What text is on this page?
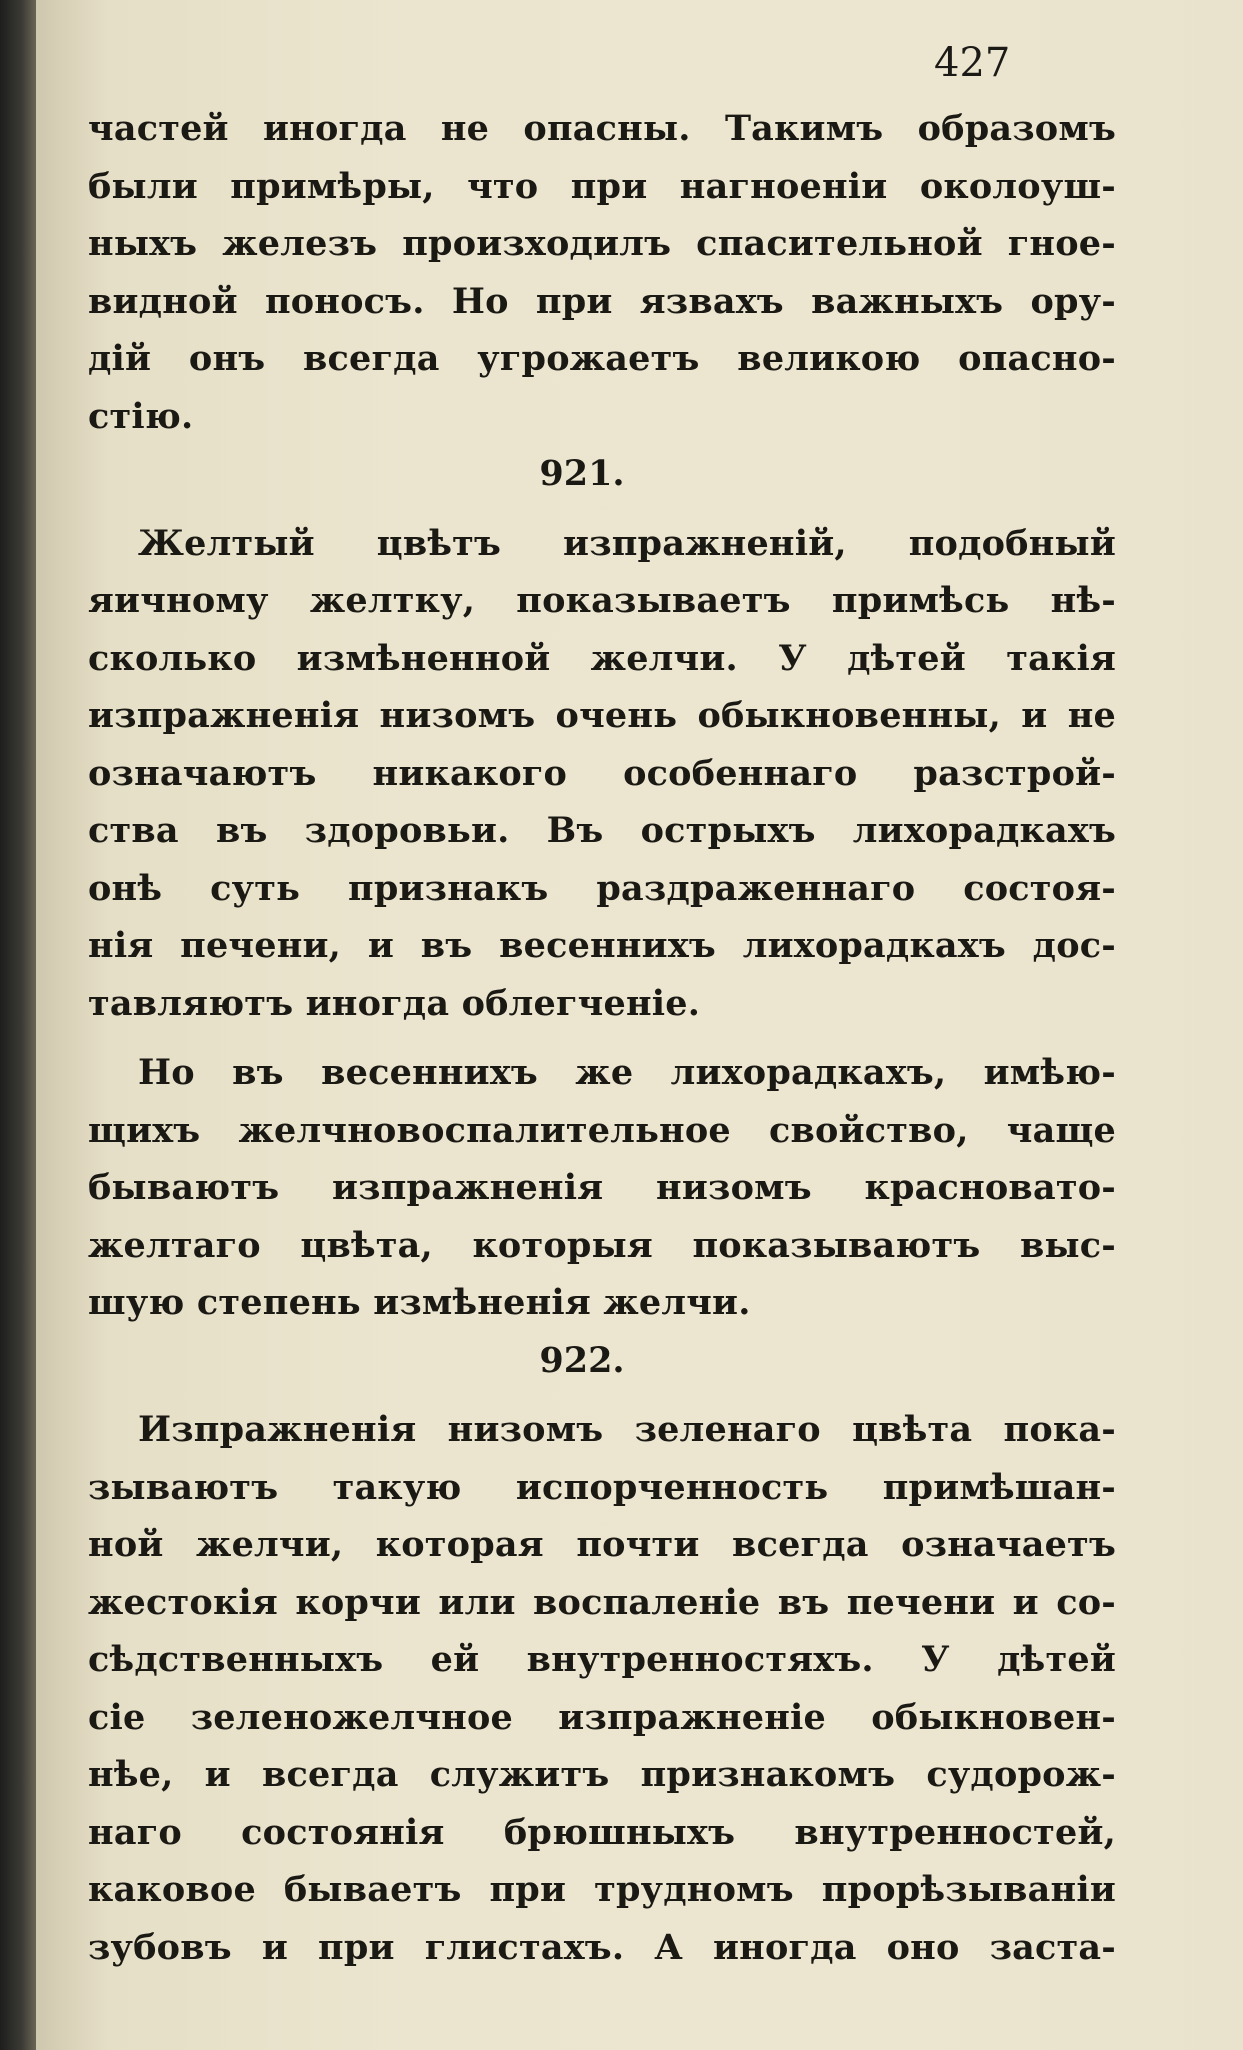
427
частей иногда не опасны. Такимъ образомъ
были примѣры, что при нагноеніи околоуш-
ныхъ железъ произходилъ спасительной гное-
видной поносъ. Но при язвахъ важныхъ ору-
дій онъ всегда угрожаетъ великою опасно-
стію.
921.
Желтый цвѣтъ изпражненій, подобный
яичному желтку, показываетъ примѣсь нѣ-
сколько измѣненной желчи. У дѣтей такія
изпражненія низомъ очень обыкновенны, и не
означаютъ никакого особеннаго разстрой-
ства въ здоровьи. Въ острыхъ лихорадкахъ
онѣ суть признакъ раздраженнаго состоя-
нія печени, и въ весеннихъ лихорадкахъ дос-
тавляютъ иногда облегченіе.
Но въ весеннихъ же лихорадкахъ, имѣю-
щихъ желчновоспалительное свойство, чаще
бываютъ изпражненія низомъ красновато-
желтаго цвѣта, которыя показываютъ выс-
шую степень измѣненія желчи.
922.
Изпражненія низомъ зеленаго цвѣта пока-
зываютъ такую испорченность примѣшан-
ной желчи, которая почти всегда означаетъ
жестокія корчи или воспаленіе въ печени и со-
сѣдственныхъ ей внутренностяхъ. У дѣтей
сіе зеленожелчное изпражненіе обыкновен-
нѣе, и всегда служитъ признакомъ судорож-
наго состоянія брюшныхъ внутренностей,
каковое бываетъ при трудномъ прорѣзываніи
зубовъ и при глистахъ. А иногда оно заста-
